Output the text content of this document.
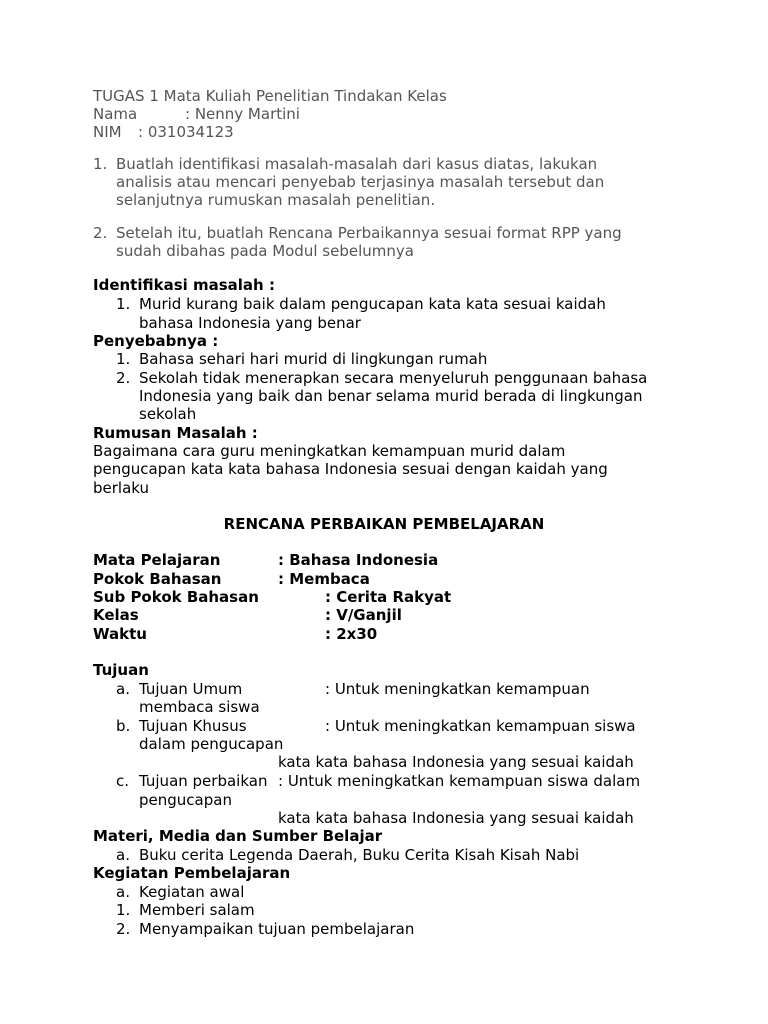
TUGAS 1 Mata Kuliah Penelitian Tindakan Kelas
Nama	: Nenny Martini
NIM : 031034123
1. Buatlah identifikasi masalah-masalah dari kasus diatas, lakukan
analisis atau mencari penyebab terjasinya masalah tersebut dan
selanjutnya rumuskan masalah penelitian.
2. Setelah itu, buatlah Rencana Perbaikannya sesuai format RPP yang
sudah dibahas pada Modul sebelumnya
Identifikasi masalah :
1. Murid kurang baik dalam pengucapan kata kata sesuai kaidah
bahasa Indonesia yang benar
Penyebabnya :
1. Bahasa sehari hari murid di lingkungan rumah
2. Sekolah tidak menerapkan secara menyeluruh penggunaan bahasa
Indonesia yang baik dan benar selama murid berada di lingkungan
sekolah
Rumusan Masalah :
Bagaimana cara guru meningkatkan kemampuan murid dalam
pengucapan kata kata bahasa Indonesia sesuai dengan kaidah yang
berlaku
RENCANA PERBAIKAN PEMBELAJARAN
Mata Pelajaran	: Bahasa Indonesia
Pokok Bahasan	: Membaca
Sub Pokok Bahasan	: Cerita Rakyat
Kelas	: V/Ganjil
Waktu	: 2x30
Tujuan
a. Tujuan Umum	: Untuk meningkatkan kemampuan
membaca siswa
b. Tujuan Khusus	: Untuk meningkatkan kemampuan siswa
dalam pengucapan
kata kata bahasa Indonesia yang sesuai kaidah
c. Tujuan perbaikan : Untuk meningkatkan kemampuan siswa dalam
pengucapan
kata kata bahasa Indonesia yang sesuai kaidah
Materi, Media dan Sumber Belajar
a. Buku cerita Legenda Daerah, Buku Cerita Kisah Kisah Nabi
Kegiatan Pembelajaran
a. Kegiatan awal
1. Memberi salam
2. Menyampaikan tujuan pembelajaran
